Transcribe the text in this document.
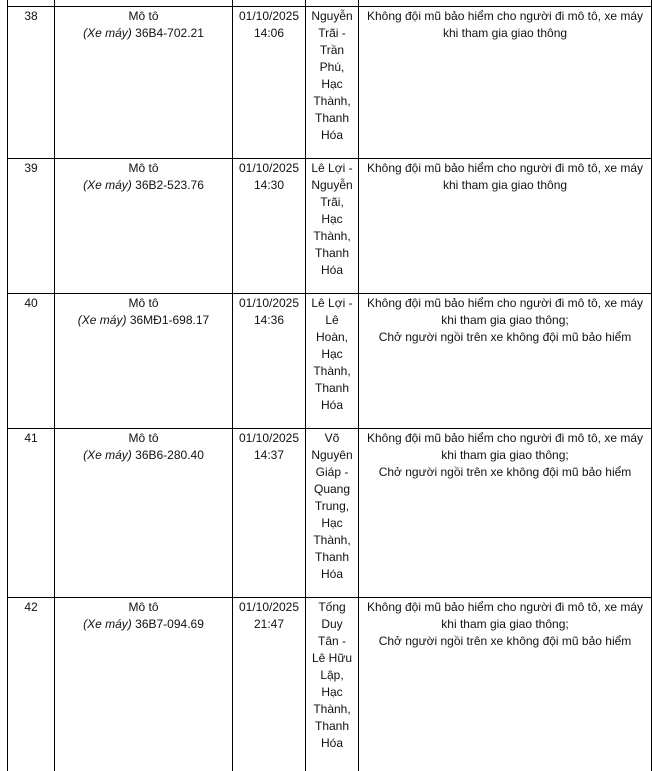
38	Mô tô
(Xe máy) 36B4-702.21

01/10/2025
14:06

Nguyễn
Trãi -
Trần
Phú,
Hạc
Thành,
Thanh
Hóa

Không đội mũ bảo hiểm cho người đi mô tô, xe máy
khi tham gia giao thông

39	Mô tô
(Xe máy) 36B2-523.76

01/10/2025
14:30

Lê Lợi -
Nguyễn
Trãi,
Hạc
Thành,
Thanh
Hóa

Không đội mũ bảo hiểm cho người đi mô tô, xe máy
khi tham gia giao thông

40	Mô tô
(Xe máy) 36MĐ1-698.17

01/10/2025
14:36

Lê Lợi -
Lê
Hoàn,
Hạc
Thành,
Thanh
Hóa

Không đội mũ bảo hiểm cho người đi mô tô, xe máy
khi tham gia giao thông;
Chở người ngồi trên xe không đội mũ bảo hiểm

41	Mô tô
(Xe máy) 36B6-280.40

01/10/2025
14:37

Võ
Nguyên
Giáp -
Quang
Trung,
Hạc
Thành,
Thanh
Hóa

Không đội mũ bảo hiểm cho người đi mô tô, xe máy
khi tham gia giao thông;
Chở người ngồi trên xe không đội mũ bảo hiểm

42	Mô tô
(Xe máy) 36B7-094.69

01/10/2025
21:47

Tống
Duy
Tân -
Lê Hữu
Lập,
Hạc
Thành,
Thanh
Hóa

Không đội mũ bảo hiểm cho người đi mô tô, xe máy
khi tham gia giao thông;
Chở người ngồi trên xe không đội mũ bảo hiểm
